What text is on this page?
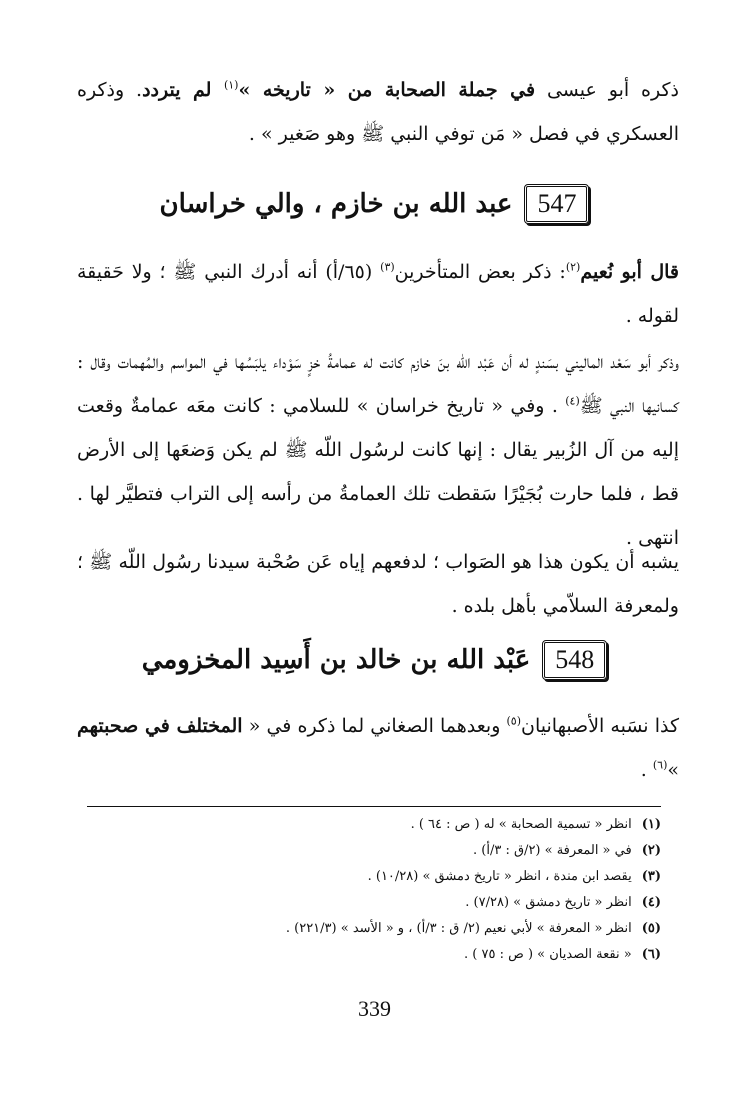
ذكره أبو عيسى في جملة الصحابة من « تاريخه »$^{(١)}$ لم يتردد. وذكره العسكري في فصل « مَن توفي النبي ﷺ وهو صَغير » .
547
عبد الله بن خازم ، والي خراسان
قال أبو نُعيم$^{(٢)}$: ذكر بعض المتأخرين$^{(٣)}$ (٦٥/أ) أنه أدرك النبي ﷺ ؛ ولا حَقيقة لقوله .
وذكر أبو سَعْد الماليني بسَندٍ له أن عَبْد اللّه بنَ خازم كانت له عمامةُ خزٍ سَوْداء يلبَسُها في المواسم والمُهمات وقال : كسانيها النبي ﷺ$^{(٤)}$ . وفي « تاريخ خراسان » للسلامي : كانت معَه عمامةٌ وقعت إليه من آل الزُبير يقال : إنها كانت لرسُول اللّه ﷺ لم يكن وَضعَها إلى الأرض قط ، فلما حارت بُجَيْرًا سَقطت تلك العمامةُ من رأسه إلى التراب فتطيَّر لها . انتهى .
يشبه أن يكون هذا هو الصَواب ؛ لدفعهم إياه عَن صُحْبة سيدنا رسُول اللّه ﷺ ؛ ولمعرفة السلاّمي بأهل بلده .
548
عَبْد الله بن خالد بن أَسِيد المخزومي
كذا نسَبه الأصبهانيان$^{(٥)}$ وبعدهما الصغاني لما ذكره في « المختلف في صحبتهم »$^{(٦)}$ .
(١)انظر « تسمية الصحابة » له ( ص : ٦٤ ) .
(٢)في « المعرفة » (٢/ق : ٣/أ) .
(٣)يقصد ابن مندة ، انظر « تاريخ دمشق » (١٠/٢٨) .
(٤)انظر « تاريخ دمشق » (٧/٢٨) .
(٥)انظر « المعرفة » لأبي نعيم (٢/ ق : ٣/أ) ، و « الأسد » (٢٢١/٣) .
(٦)« نقعة الصديان » ( ص : ٧٥ ) .
339
